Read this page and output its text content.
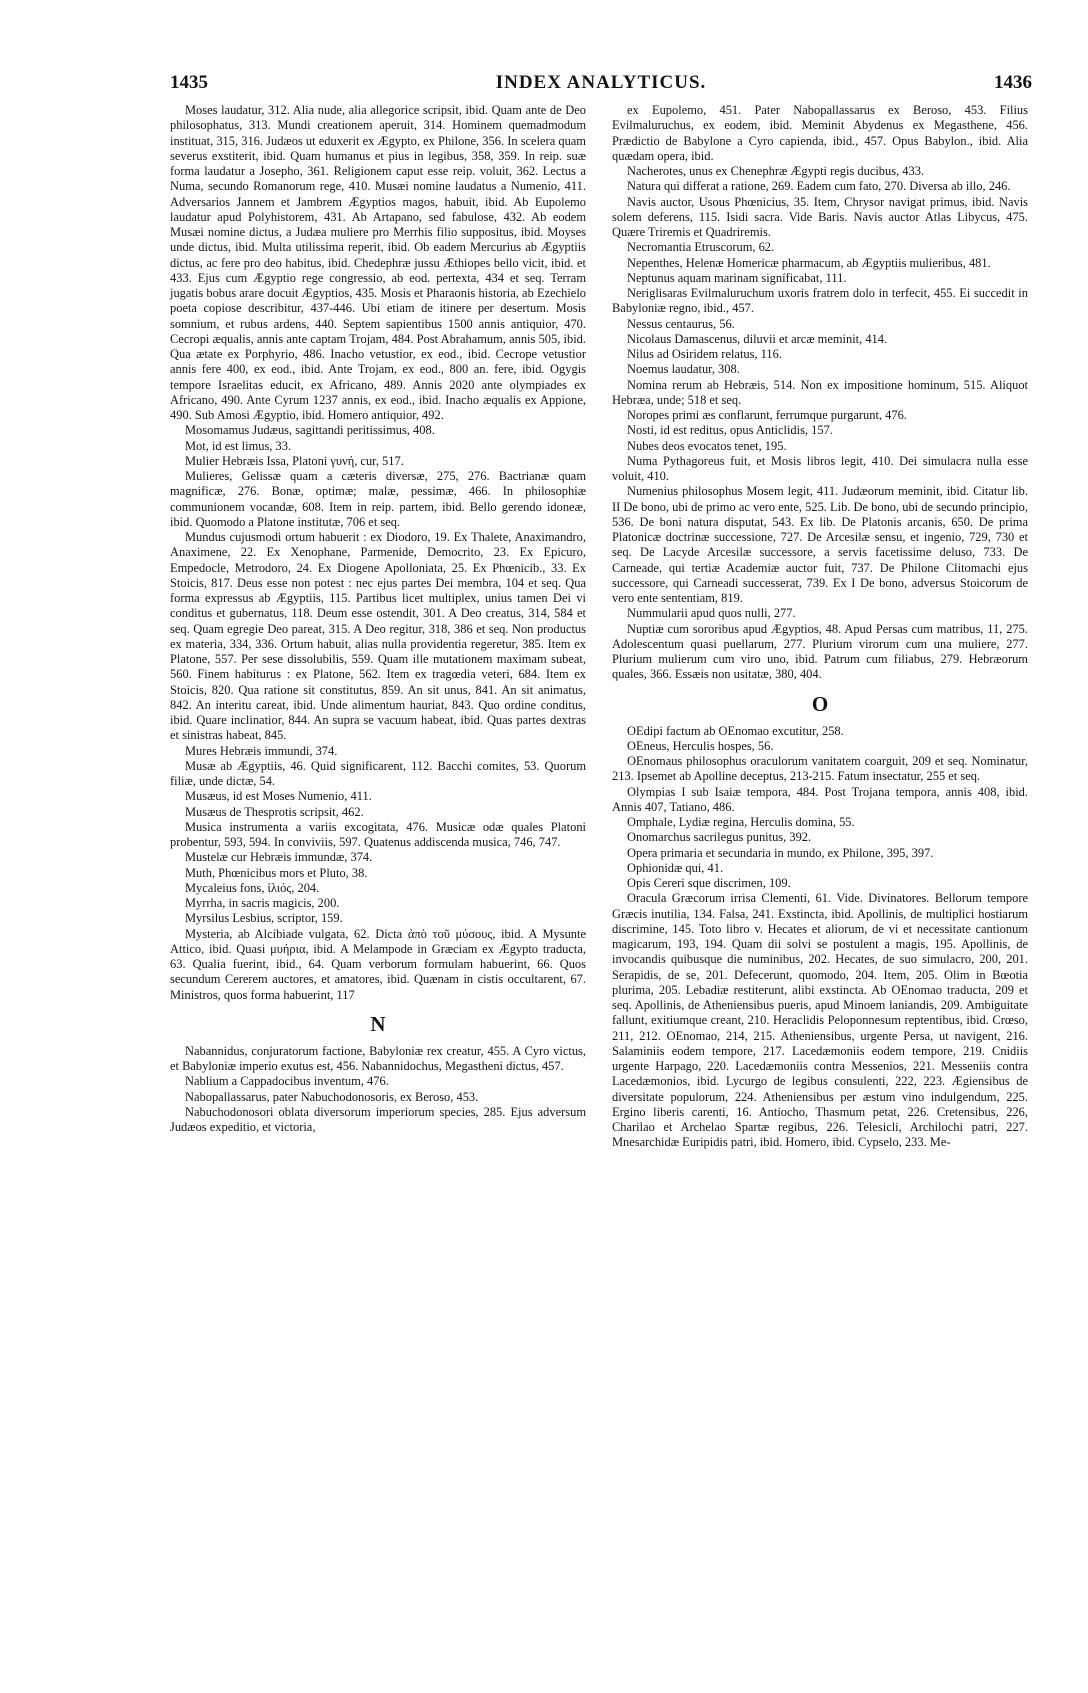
1435	INDEX ANALYTICUS.	1436

Moses laudatur, 312. Alia nude, alia allegorice scripsit, ibid. Quam ante de Deo philosophatus, 313. Mundi creationem aperuit, 314. Hominem quemadmodum instituat, 315, 316. Judæos ut eduxerit ex Ægypto, ex Philone, 356. In scelera quam severus exstiterit, ibid. Quam humanus et pius in legibus, 358, 359. In reip. suæ forma laudatur a Josepho, 361. Religionem caput esse reip. voluit, 362. Lectus a Numa, secundo Romanorum rege, 410. Musæi nomine laudatus a Numenio, 411. Adversarios Jannem et Jambrem Ægyptios magos, habuit, ibid. Ab Eupolemo laudatur apud Polyhistorem, 431. Ab Artapano, sed fabulose, 432. Ab eodem Musæi nomine dictus, a Judæa muliere pro Merrhis filio suppositus, ibid. Moyses unde dictus, ibid. Multa utilissima reperit, ibid. Ob eadem Mercurius ab Ægyptiis dictus, ac fere pro deo habitus, ibid. Chedephræ jussu Æthiopes bello vicit, ibid. et 433. Ejus cum Ægyptio rege congressio, ab eod. pertexta, 434 et seq. Terram jugatis bobus arare docuit Ægyptios, 435. Mosis et Pharaonis historia, ab Ezechielo poeta copiose describitur, 437-446. Ubi etiam de itinere per desertum. Mosis somnium, et rubus ardens, 440. Septem sapientibus 1500 annis antiquior, 470. Cecropi æqualis, annis ante captam Trojam, 484. Post Abrahamum, annis 505, ibid. Qua ætate ex Porphyrio, 486. Inacho vetustior, ex eod., ibid. Cecrope vetustior annis fere 400, ex eod., ibid. Ante Trojam, ex eod., 800 an. fere, ibid. Ogygis tempore Israelitas educit, ex Africano, 489. Annis 2020 ante olympiades ex Africano, 490. Ante Cyrum 1237 annis, ex eod., ibid. Inacho æqualis ex Appione, 490. Sub Amosi Ægyptio, ibid. Homero antiquior, 492.

Mosomamus Judæus, sagittandi peritissimus, 408.

Mot, id est limus, 33.

Mulier Hebræis Issa, Platoni γυνή, cur, 517.

Mulieres, Gelissæ quam a cæteris diversæ, 275, 276. Bactrianæ quam magnificæ, 276. Bonæ, optimæ; malæ, pessimæ, 466. In philosophiæ communionem vocandæ, 608. Item in reip. partem, ibid. Bello gerendo idoneæ, ibid. Quomodo a Platone institutæ, 706 et seq.

Mundus cujusmodi ortum habuerit : ex Diodoro, 19. Ex Thalete, Anaximandro, Anaximene, 22. Ex Xenophane, Parmenide, Democrito, 23. Ex Epicuro, Empedocle, Metrodoro, 24. Ex Diogene Apolloniata, 25. Ex Phœnicib., 33. Ex Stoicis, 817. Deus esse non potest : nec ejus partes Dei membra, 104 et seq. Qua forma expressus ab Ægyptiis, 115. Partibus licet multiplex, unius tamen Dei vi conditus et gubernatus, 118. Deum esse ostendit, 301. A Deo creatus, 314, 584 et seq. Quam egregie Deo pareat, 315. A Deo regitur, 318, 386 et seq. Non productus ex materia, 334, 336. Ortum habuit, alias nulla providentia regeretur, 385. Item ex Platone, 557. Per sese dissolubilis, 559. Quam ille mutationem maximam subeat, 560. Finem habiturus : ex Platone, 562. Item ex tragœdia veteri, 684. Item ex Stoicis, 820. Qua ratione sit constitutus, 859. An sit unus, 841. An sit animatus, 842. An interitu careat, ibid. Unde alimentum hauriat, 843. Quo ordine conditus, ibid. Quare inclinatior, 844. An supra se vacuum habeat, ibid. Quas partes dextras et sinistras habeat, 845.

Mures Hebræis immundi, 374.

Musæ ab Ægyptiis, 46. Quid significarent, 112. Bacchi comites, 53. Quorum filiæ, unde dictæ, 54.

Musæus, id est Moses Numenio, 411.

Musæus de Thesprotis scripsit, 462.

Musica instrumenta a variis excogitata, 476. Musicæ odæ quales Platoni probentur, 593, 594. In conviviis, 597. Quatenus addiscenda musica, 746, 747.

Mustelæ cur Hebræis immundæ, 374.

Muth, Phœnicibus mors et Pluto, 38.

Mycaleius fons, ἰλιός, 204.

Myrrha, in sacris magicis, 200.

Myrsilus Lesbius, scriptor, 159.

Mysteria, ab Alcibiade vulgata, 62. Dicta ἀπὸ τοῦ μύσους, ibid. A Mysunte Attico, ibid. Quasi μυήρια, ibid. A Melampode in Græciam ex Ægypto traducta, 63. Qualia fuerint, ibid., 64. Quam verborum formulam habuerint, 66. Quos secundum Cererem auctores, et amatores, ibid. Quænam in cistis occultarent, 67. Ministros, quos forma habuerint, 117

N

Nabannidus, conjuratorum factione, Babyloniæ rex creatur, 455. A Cyro victus, et Babyloniæ imperio exutus est, 456. Nabannidochus, Megastheni dictus, 457.

Nablium a Cappadocibus inventum, 476.

Nabopallassarus, pater Nabuchodonosoris, ex Beroso, 453.

Nabuchodonosori oblata diversorum imperiorum species, 285. Ejus adversum Judæos expeditio, et victoria,

ex Eupolemo, 451. Pater Nabopallassarus ex Beroso, 453. Filius Evilmaluruchus, ex eodem, ibid. Meminit Abydenus ex Megasthene, 456. Prædictio de Babylone a Cyro capienda, ibid., 457. Opus Babylon., ibid. Alia quædam opera, ibid.

Nacherotes, unus ex Chenephræ Ægypti regis ducibus, 433.

Natura qui differat a ratione, 269. Eadem cum fato, 270. Diversa ab illo, 246.

Navis auctor, Usous Phœnicius, 35. Item, Chrysor navigat primus, ibid. Navis solem deferens, 115. Isidi sacra. Vide Baris. Navis auctor Atlas Libycus, 475. Quære Triremis et Quadriremis.

Necromantia Etruscorum, 62.

Nepenthes, Helenæ Homericæ pharmacum, ab Ægyptiis mulieribus, 481.

Neptunus aquam marinam signíficabat, 111.

Neriglisaras Evilmaluruchum uxoris fratrem dolo in terfecit, 455. Ei succedit in Babyloniæ regno, ibid., 457.

Nessus centaurus, 56.

Nicolaus Damascenus, diluvii et arcæ meminit, 414.

Nilus ad Osiridem relatus, 116.

Noemus laudatur, 308.

Nomina rerum ab Hebræis, 514. Non ex impositione hominum, 515. Aliquot Hebræa, unde; 518 et seq.

Noropes primi æs conflarunt, ferrumque purgarunt, 476.

Nosti, id est reditus, opus Anticlidis, 157.

Nubes deos evocatos tenet, 195.

Numa Pythagoreus fuit, et Mosis libros legit, 410. Dei simulacra nulla esse voluit, 410.

Numenius philosophus Mosem legit, 411. Judæorum meminit, ibid. Citatur lib. II De bono, ubi de primo ac vero ente, 525. Lib. De bono, ubi de secundo principio, 536. De boni natura disputat, 543. Ex lib. De Platonis arcanis, 650. De prima Platonicæ doctrinæ successione, 727. De Arcesilæ sensu, et ingenio, 729, 730 et seq. De Lacyde Arcesilæ successore, a servis facetissime deluso, 733. De Carneade, qui tertiæ Academiæ auctor fuit, 737. De Philone Clitomachi ejus successore, qui Carneadi successerat, 739. Ex I De bono, adversus Stoicorum de vero ente sententiam, 819.

Nummularii apud quos nulli, 277.

Nuptiæ cum sororibus apud Ægyptios, 48. Apud Persas cum matribus, 11, 275. Adolescentum quasi puellarum, 277. Plurium virorum cum una muliere, 277. Plurium mulierum cum viro uno, ibid. Patrum cum filiabus, 279. Hebræorum quales, 366. Essæis non usitatæ, 380, 404.

O

OEdipi factum ab OEnomao excutitur, 258.

OEneus, Herculis hospes, 56.

OEnomaus philosophus oraculorum vanitatem coarguit, 209 et seq. Nominatur, 213. Ipsemet ab Apolline deceptus, 213-215. Fatum insectatur, 255 et seq.

Olympias I sub Isaiæ tempora, 484. Post Trojana tempora, annis 408, ibid. Annis 407, Tatiano, 486.

Omphale, Lydiæ regina, Herculis domina, 55.

Onomarchus sacrilegus punitus, 392.

Opera primaria et secundaria in mundo, ex Philone, 395, 397.

Ophionidæ qui, 41.

Opis Cereri sque discrimen, 109.

Oracula Græcorum irrisa Clementi, 61. Vide. Divinatores. Bellorum tempore Græcis inutilia, 134. Falsa, 241. Exstincta, ibid. Apollinis, de multiplici hostiarum discrimine, 145. Toto libro v. Hecates et aliorum, de vi et necessitate cantionum magicarum, 193, 194. Quam dii solvi se postulent a magis, 195. Apollinis, de invocandis quibusque die numinibus, 202. Hecates, de suo simulacro, 200, 201. Serapidis, de se, 201. Defecerunt, quomodo, 204. Item, 205. Olim in Bœotia plurima, 205. Lebadiæ restiterunt, alibi exstincta. Ab OEnomao traducta, 209 et seq. Apollinis, de Atheniensibus pueris, apud Minoem laniandis, 209. Ambiguitate fallunt, exitiumque creant, 210. Heraclidis Peloponnesum reptentibus, ibid. Crœso, 211, 212. OEnomao, 214, 215. Atheniensibus, urgente Persa, ut navigent, 216. Salaminiis eodem tempore, 217. Lacedæmoniis eodem tempore, 219. Cnidiis urgente Harpago, 220. Lacedæmoniis contra Messenios, 221. Messeniis contra Lacedæmonios, ibid. Lycurgo de legibus consulenti, 222, 223. Ægiensibus de diversitate populorum, 224. Atheniensibus per æstum vino indulgendum, 225. Ergino liberis carenti, 16. Antiocho, Thasmum petat, 226. Cretensibus, 226, Charilao et Archelao Spartæ regibus, 226. Telesicli, Archilochi patri, 227. Mnesarchidæ Euripidis patri, ibid. Homero, ibid. Cypselo, 233. Me-
